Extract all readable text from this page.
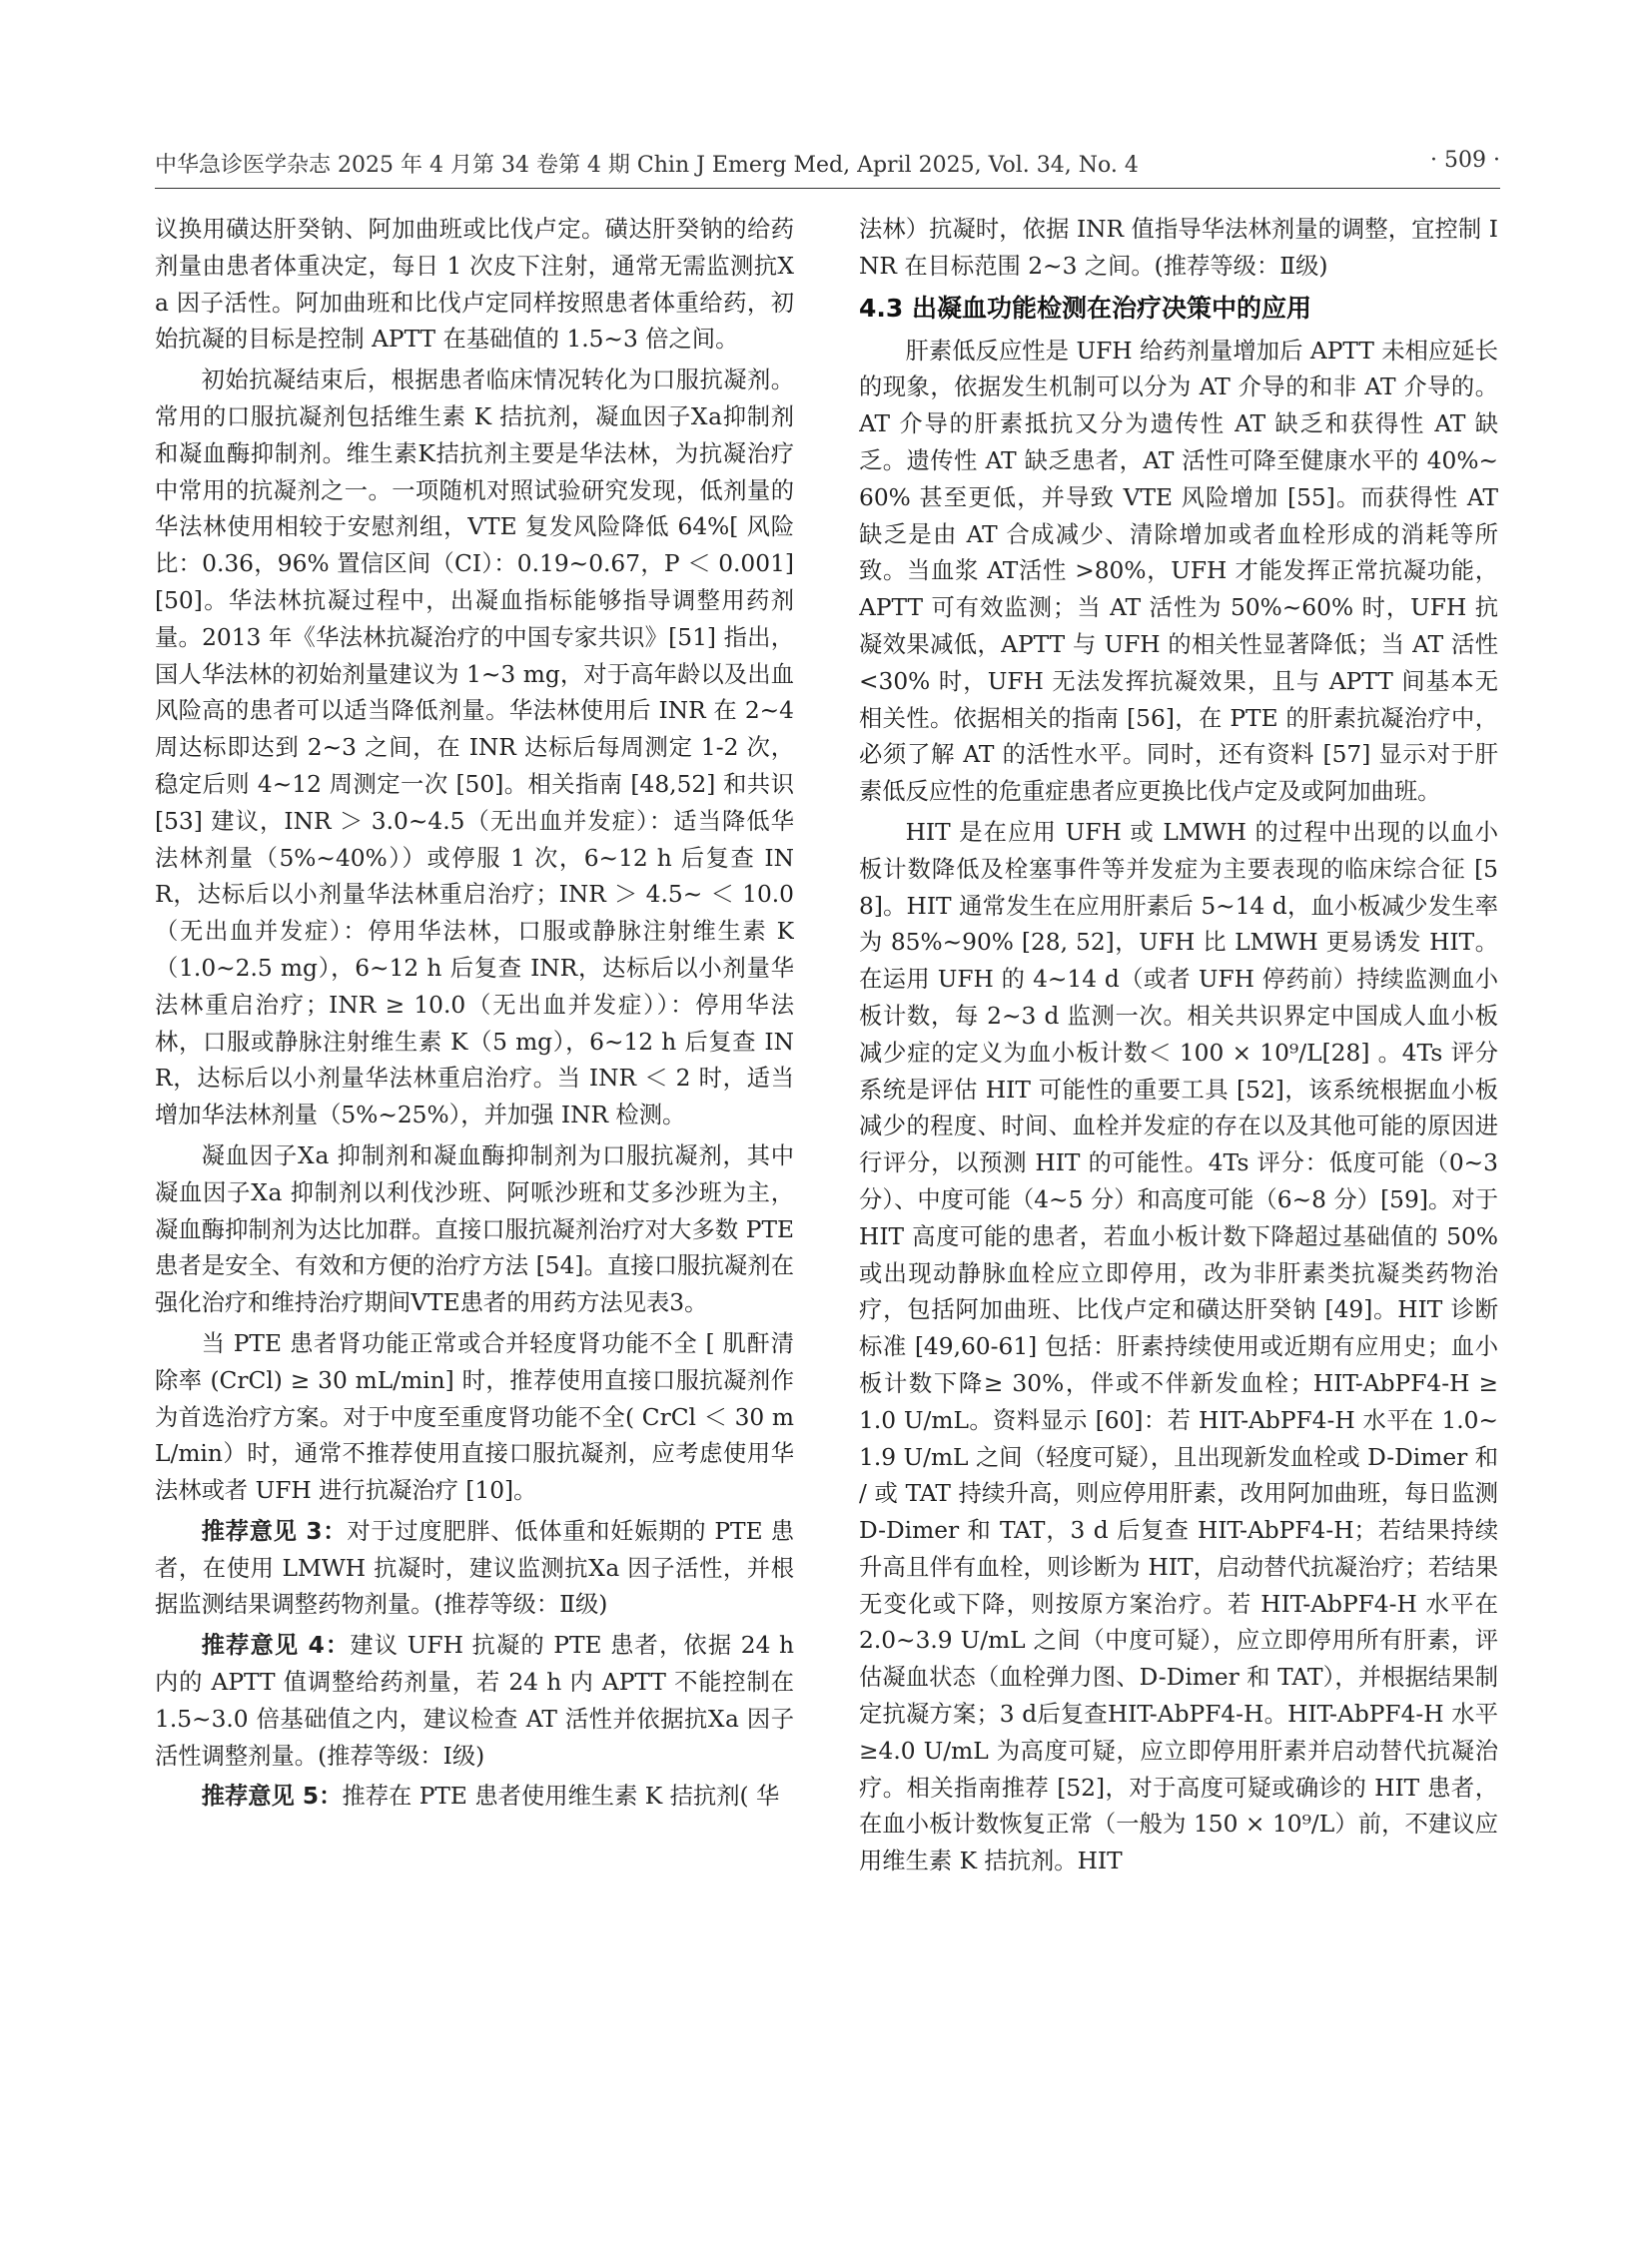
中华急诊医学杂志 2025 年 4 月第 34 卷第 4 期 Chin J Emerg Med, April 2025, Vol. 34, No. 4	· 509 ·

议换用磺达肝癸钠、阿加曲班或比伐卢定。磺达肝癸钠的给药剂量由患者体重决定，每日 1 次皮下注射，通常无需监测抗Ⅹa 因子活性。阿加曲班和比伐卢定同样按照患者体重给药，初始抗凝的目标是控制 APTT 在基础值的 1.5~3 倍之间。

初始抗凝结束后，根据患者临床情况转化为口服抗凝剂。常用的口服抗凝剂包括维生素 K 拮抗剂，凝血因子Ⅹa抑制剂和凝血酶抑制剂。维生素K拮抗剂主要是华法林，为抗凝治疗中常用的抗凝剂之一。一项随机对照试验研究发现，低剂量的华法林使用相较于安慰剂组，VTE 复发风险降低 64%[ 风险比：0.36，96% 置信区间（CI）：0.19~0.67，P ＜ 0.001][50]。华法林抗凝过程中，出凝血指标能够指导调整用药剂量。2013 年《华法林抗凝治疗的中国专家共识》[51] 指出，国人华法林的初始剂量建议为 1~3 mg，对于高年龄以及出血风险高的患者可以适当降低剂量。华法林使用后 INR 在 2~4 周达标即达到 2~3 之间，在 INR 达标后每周测定 1-2 次，稳定后则 4~12 周测定一次 [50]。相关指南 [48,52] 和共识 [53] 建议，INR ＞ 3.0~4.5（无出血并发症）：适当降低华法林剂量（5%~40%））或停服 1 次，6~12 h 后复查 INR，达标后以小剂量华法林重启治疗；INR ＞ 4.5~ ＜ 10.0（无出血并发症）：停用华法林，口服或静脉注射维生素 K（1.0~2.5 mg），6~12 h 后复查 INR，达标后以小剂量华法林重启治疗；INR ≥ 10.0（无出血并发症））：停用华法林，口服或静脉注射维生素 K（5 mg），6~12 h 后复查 INR，达标后以小剂量华法林重启治疗。当 INR ＜ 2 时，适当增加华法林剂量（5%~25%），并加强 INR 检测。

凝血因子Ⅹa 抑制剂和凝血酶抑制剂为口服抗凝剂，其中凝血因子Ⅹa 抑制剂以利伐沙班、阿哌沙班和艾多沙班为主，凝血酶抑制剂为达比加群。直接口服抗凝剂治疗对大多数 PTE 患者是安全、有效和方便的治疗方法 [54]。直接口服抗凝剂在强化治疗和维持治疗期间VTE患者的用药方法见表3。

当 PTE 患者肾功能正常或合并轻度肾功能不全 [ 肌酐清除率 (CrCl) ≥ 30 mL/min] 时，推荐使用直接口服抗凝剂作为首选治疗方案。对于中度至重度肾功能不全( CrCl ＜ 30 mL/min）时，通常不推荐使用直接口服抗凝剂，应考虑使用华法林或者 UFH 进行抗凝治疗 [10]。

推荐意见 3：对于过度肥胖、低体重和妊娠期的 PTE 患者，在使用 LMWH 抗凝时，建议监测抗Ⅹa 因子活性，并根据监测结果调整药物剂量。(推荐等级：Ⅱ级)

推荐意见 4：建议 UFH 抗凝的 PTE 患者，依据 24 h 内的 APTT 值调整给药剂量，若 24 h 内 APTT 不能控制在 1.5~3.0 倍基础值之内，建议检查 AT 活性并依据抗Ⅹa 因子活性调整剂量。(推荐等级：Ⅰ级)

推荐意见 5：推荐在 PTE 患者使用维生素 K 拮抗剂( 华

法林）抗凝时，依据 INR 值指导华法林剂量的调整，宜控制 INR 在目标范围 2~3 之间。(推荐等级：Ⅱ级)

4.3 出凝血功能检测在治疗决策中的应用

肝素低反应性是 UFH 给药剂量增加后 APTT 未相应延长的现象，依据发生机制可以分为 AT 介导的和非 AT 介导的。AT 介导的肝素抵抗又分为遗传性 AT 缺乏和获得性 AT 缺乏。遗传性 AT 缺乏患者，AT 活性可降至健康水平的 40%~60% 甚至更低，并导致 VTE 风险增加 [55]。而获得性 AT 缺乏是由 AT 合成减少、清除增加或者血栓形成的消耗等所致。当血浆 AT活性 >80%，UFH 才能发挥正常抗凝功能，APTT 可有效监测；当 AT 活性为 50%~60% 时，UFH 抗凝效果减低，APTT 与 UFH 的相关性显著降低；当 AT 活性 <30% 时，UFH 无法发挥抗凝效果，且与 APTT 间基本无相关性。依据相关的指南 [56]，在 PTE 的肝素抗凝治疗中，必须了解 AT 的活性水平。同时，还有资料 [57] 显示对于肝素低反应性的危重症患者应更换比伐卢定及或阿加曲班。

HIT 是在应用 UFH 或 LMWH 的过程中出现的以血小板计数降低及栓塞事件等并发症为主要表现的临床综合征 [58]。HIT 通常发生在应用肝素后 5~14 d，血小板减少发生率为 85%~90% [28, 52]，UFH 比 LMWH 更易诱发 HIT。在运用 UFH 的 4~14 d（或者 UFH 停药前）持续监测血小板计数，每 2~3 d 监测一次。相关共识界定中国成人血小板减少症的定义为血小板计数＜ 100 × 10⁹/L[28] 。4Ts 评分系统是评估 HIT 可能性的重要工具 [52]，该系统根据血小板减少的程度、时间、血栓并发症的存在以及其他可能的原因进行评分，以预测 HIT 的可能性。4Ts 评分：低度可能（0~3 分）、中度可能（4~5 分）和高度可能（6~8 分）[59]。对于 HIT 高度可能的患者，若血小板计数下降超过基础值的 50% 或出现动静脉血栓应立即停用，改为非肝素类抗凝类药物治疗，包括阿加曲班、比伐卢定和磺达肝癸钠 [49]。HIT 诊断标准 [49,60-61] 包括：肝素持续使用或近期有应用史；血小板计数下降≥ 30%，伴或不伴新发血栓；HIT-AbPF4-H ≥ 1.0 U/mL。资料显示 [60]：若 HIT-AbPF4-H 水平在 1.0~1.9 U/mL 之间（轻度可疑），且出现新发血栓或 D-Dimer 和 / 或 TAT 持续升高，则应停用肝素，改用阿加曲班，每日监测 D-Dimer 和 TAT，3 d 后复查 HIT-AbPF4-H；若结果持续升高且伴有血栓，则诊断为 HIT，启动替代抗凝治疗；若结果无变化或下降，则按原方案治疗。若 HIT-AbPF4-H 水平在 2.0~3.9 U/mL 之间（中度可疑），应立即停用所有肝素，评估凝血状态（血栓弹力图、D-Dimer 和 TAT），并根据结果制定抗凝方案；3 d后复查HIT-AbPF4-H。HIT-AbPF4-H 水平≥4.0 U/mL 为高度可疑，应立即停用肝素并启动替代抗凝治疗。相关指南推荐 [52]，对于高度可疑或确诊的 HIT 患者，在血小板计数恢复正常（一般为 150 × 10⁹/L）前，不建议应用维生素 K 拮抗剂。HIT
